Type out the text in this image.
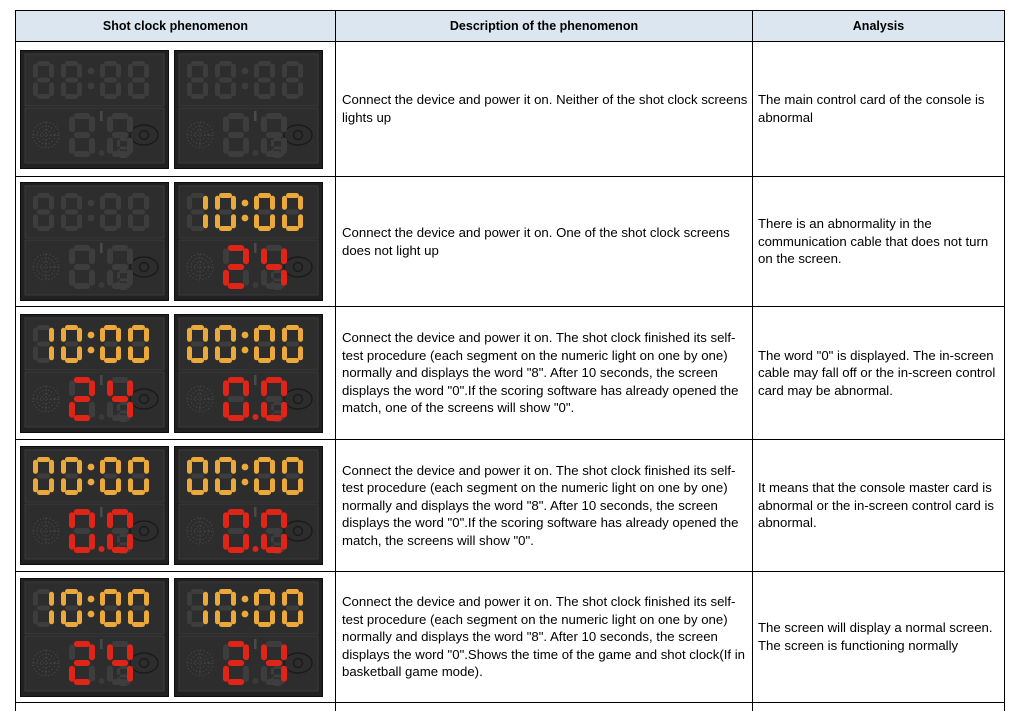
Shot clock phenomenon	Description of the phenomenon	Analysis

Connect the device and power it on. Neither of the shot clock screens lights up	The main control card of the console is abnormal

Connect the device and power it on. One of the shot clock screens does not light up	There is an abnormality in the communication cable that does not turn on the screen.

Connect the device and power it on. The shot clock finished its self-test procedure (each segment on the numeric light on one by one) normally and displays the word "8". After 10 seconds, the screen displays the word "0".If the scoring software has already opened the match, one of the screens will show "0".	The word "0" is displayed. The in-screen cable may fall off or the in-screen control card may be abnormal.

Connect the device and power it on. The shot clock finished its self-test procedure (each segment on the numeric light on one by one) normally and displays the word "8". After 10 seconds, the screen displays the word "0".If the scoring software has already opened the match, the screens will show "0".	It means that the console master card is abnormal or the in-screen control card is abnormal.

Connect the device and power it on. The shot clock finished its self-test procedure (each segment on the numeric light on one by one) normally and displays the word "8". After 10 seconds, the screen displays the word "0".Shows the time of the game and shot clock(If in basketball game mode).	The screen will display a normal screen. The screen is functioning normally
